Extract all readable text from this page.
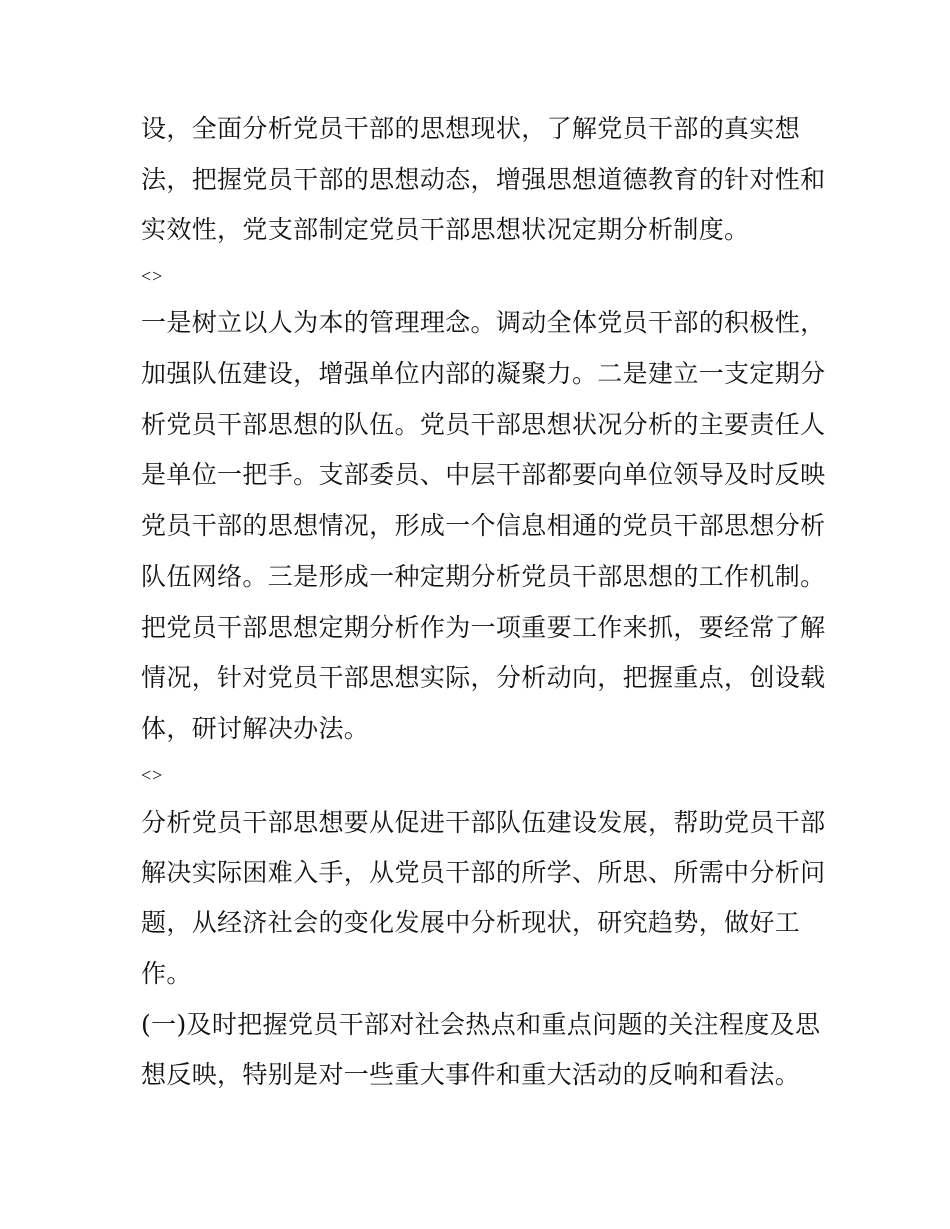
设，全面分析党员干部的思想现状，了解党员干部的真实想
法，把握党员干部的思想动态，增强思想道德教育的针对性和
实效性，党支部制定党员干部思想状况定期分析制度。
<>
一是树立以人为本的管理理念。调动全体党员干部的积极性，
加强队伍建设，增强单位内部的凝聚力。二是建立一支定期分
析党员干部思想的队伍。党员干部思想状况分析的主要责任人
是单位一把手。支部委员、中层干部都要向单位领导及时反映
党员干部的思想情况，形成一个信息相通的党员干部思想分析
队伍网络。三是形成一种定期分析党员干部思想的工作机制。
把党员干部思想定期分析作为一项重要工作来抓，要经常了解
情况，针对党员干部思想实际，分析动向，把握重点，创设载
体，研讨解决办法。
<>
分析党员干部思想要从促进干部队伍建设发展，帮助党员干部
解决实际困难入手，从党员干部的所学、所思、所需中分析问
题，从经济社会的变化发展中分析现状，研究趋势，做好工
作。
(一)及时把握党员干部对社会热点和重点问题的关注程度及思
想反映，特别是对一些重大事件和重大活动的反响和看法。
